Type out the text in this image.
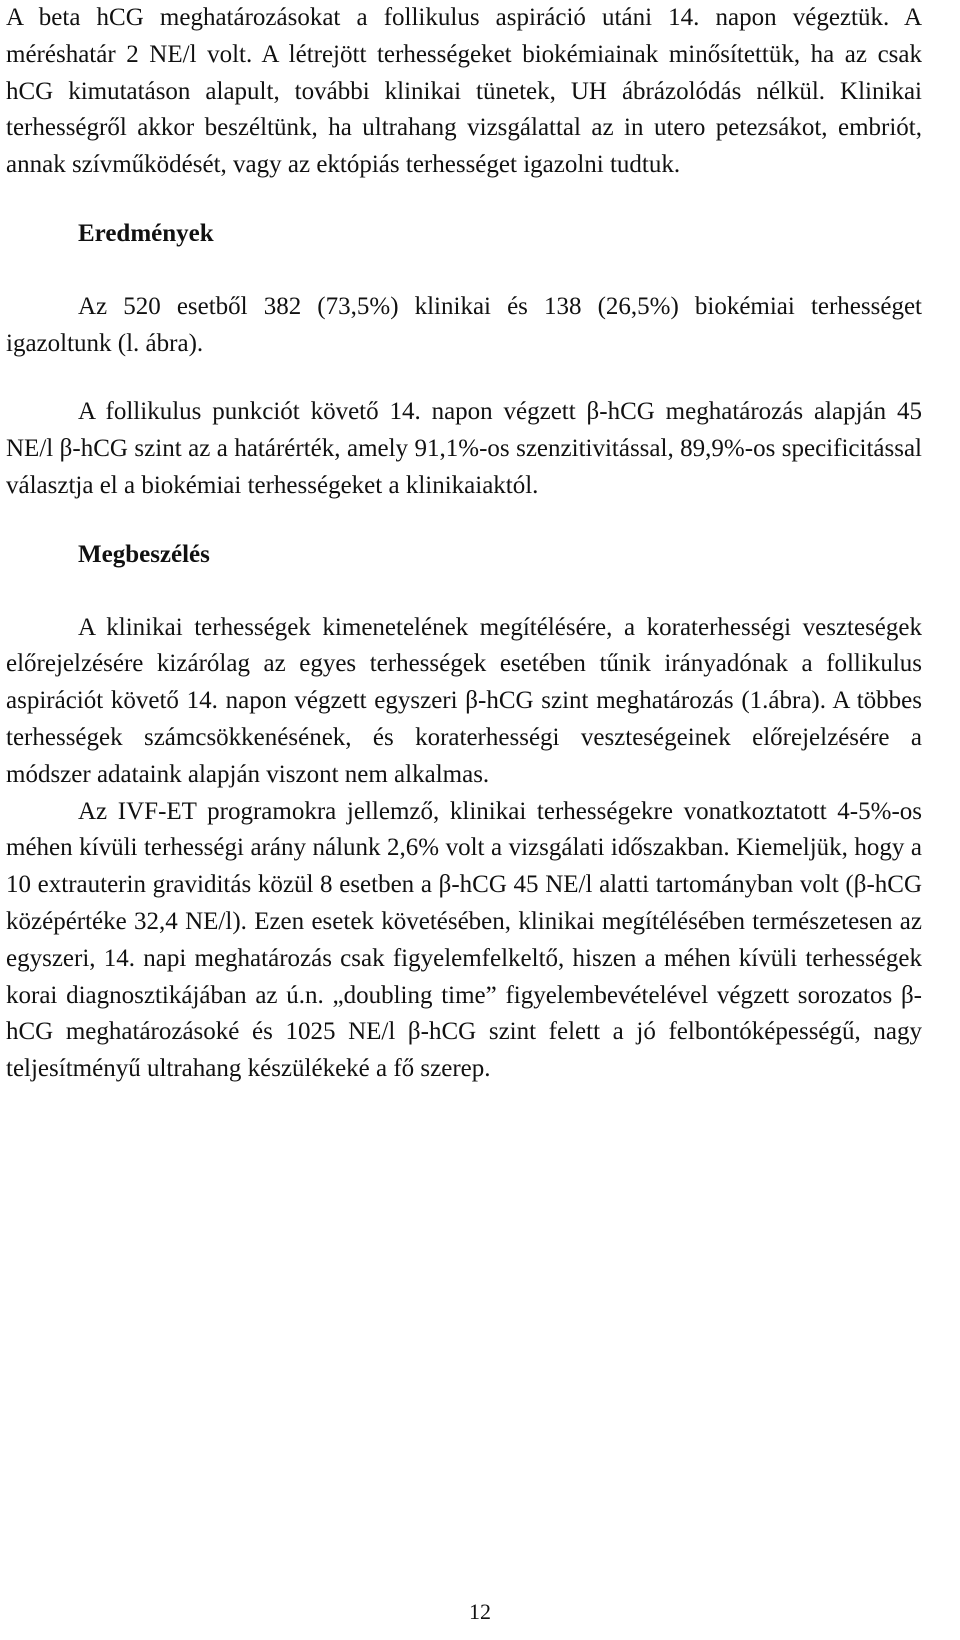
A beta hCG meghatározásokat a follikulus aspiráció utáni 14. napon végeztük. A méréshatár 2 NE/l volt. A létrejött terhességeket biokémiainak minősítettük, ha az csak hCG kimutatáson alapult, további klinikai tünetek, UH ábrázolódás nélkül. Klinikai terhességről akkor beszéltünk, ha ultrahang vizsgálattal az in utero petezsákot, embriót, annak szívműködését, vagy az ektópiás terhességet igazolni tudtuk.

Eredmények

Az 520 esetből 382 (73,5%) klinikai és 138 (26,5%) biokémiai terhességet igazoltunk (l. ábra).

A follikulus punkciót követő 14. napon végzett β-hCG meghatározás alapján 45 NE/l β-hCG szint az a határérték, amely 91,1%-os szenzitivitással, 89,9%-os specificitással választja el a biokémiai terhességeket a klinikaiaktól.

Megbeszélés

A klinikai terhességek kimenetelének megítélésére, a koraterhességi veszteségek előrejelzésére kizárólag az egyes terhességek esetében tűnik irányadónak a follikulus aspirációt követő 14. napon végzett egyszeri β-hCG szint meghatározás (1.ábra). A többes terhességek számcsökkenésének, és koraterhességi veszteségeinek előrejelzésére a módszer adataink alapján viszont nem alkalmas.

Az IVF-ET programokra jellemző, klinikai terhességekre vonatkoztatott 4-5%-os méhen kívüli terhességi arány nálunk 2,6% volt a vizsgálati időszakban. Kiemeljük, hogy a 10 extrauterin graviditás közül 8 esetben a β-hCG 45 NE/l alatti tartományban volt (β-hCG középértéke 32,4 NE/l). Ezen esetek követésében, klinikai megítélésében természetesen az egyszeri, 14. napi meghatározás csak figyelemfelkeltő, hiszen a méhen kívüli terhességek korai diagnosztikájában az ú.n. „doubling time” figyelembevételével végzett sorozatos β-hCG meghatározásoké és 1025 NE/l β-hCG szint felett a jó felbontóképességű, nagy teljesítményű ultrahang készülékeké a fő szerep.

12
